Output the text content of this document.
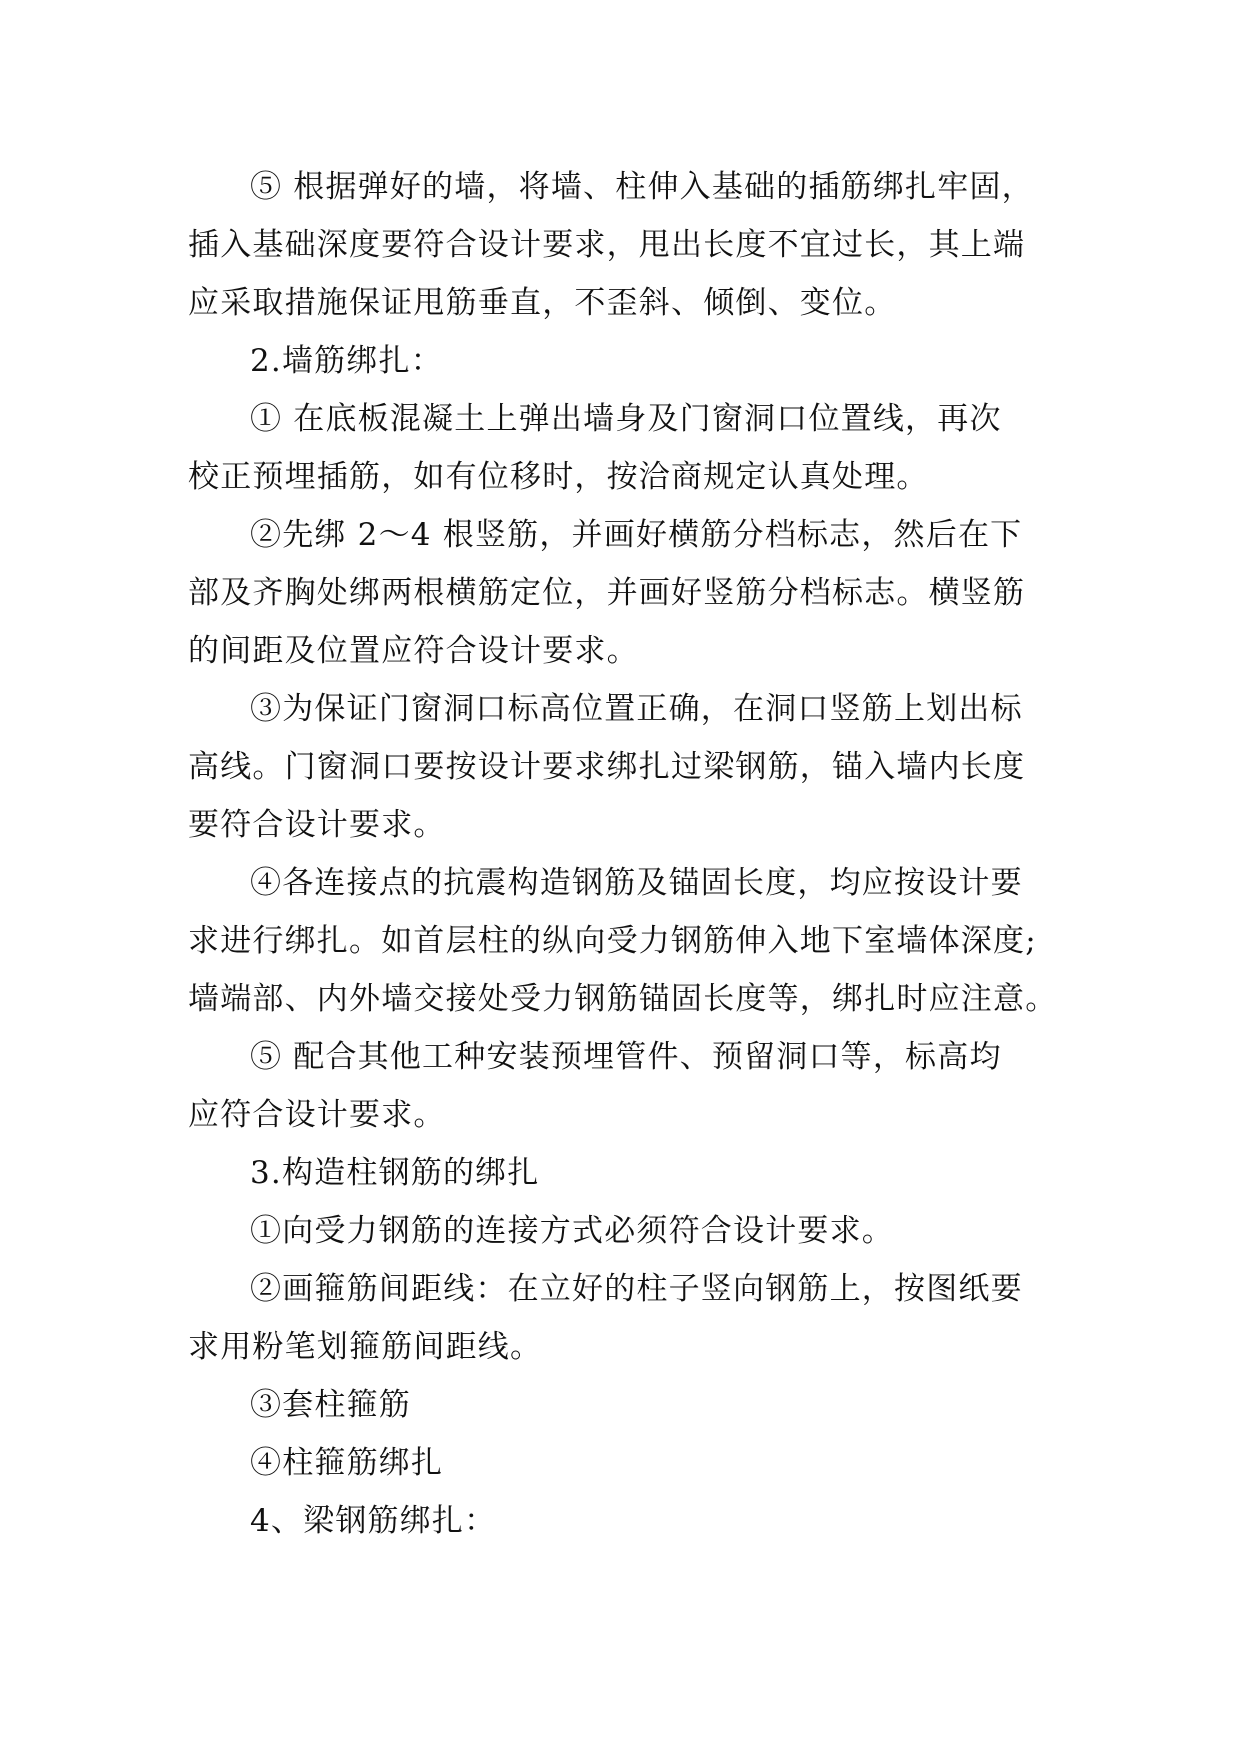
⑤ 根据弹好的墙，将墙、柱伸入基础的插筋绑扎牢固，
插入基础深度要符合设计要求，甩出长度不宜过长，其上端
应采取措施保证甩筋垂直，不歪斜、倾倒、变位。

2.墙筋绑扎：

① 在底板混凝土上弹出墙身及门窗洞口位置线，再次
校正预埋插筋，如有位移时，按洽商规定认真处理。

②先绑 2～4 根竖筋，并画好横筋分档标志，然后在下
部及齐胸处绑两根横筋定位，并画好竖筋分档标志。横竖筋
的间距及位置应符合设计要求。

③为保证门窗洞口标高位置正确，在洞口竖筋上划出标
高线。门窗洞口要按设计要求绑扎过梁钢筋，锚入墙内长度
要符合设计要求。

④各连接点的抗震构造钢筋及锚固长度，均应按设计要
求进行绑扎。如首层柱的纵向受力钢筋伸入地下室墙体深度;
墙端部、内外墙交接处受力钢筋锚固长度等，绑扎时应注意。

⑤ 配合其他工种安装预埋管件、预留洞口等，标高均
应符合设计要求。

3.构造柱钢筋的绑扎

①向受力钢筋的连接方式必须符合设计要求。

②画箍筋间距线：在立好的柱子竖向钢筋上，按图纸要
求用粉笔划箍筋间距线。

③套柱箍筋

④柱箍筋绑扎

4、梁钢筋绑扎：
